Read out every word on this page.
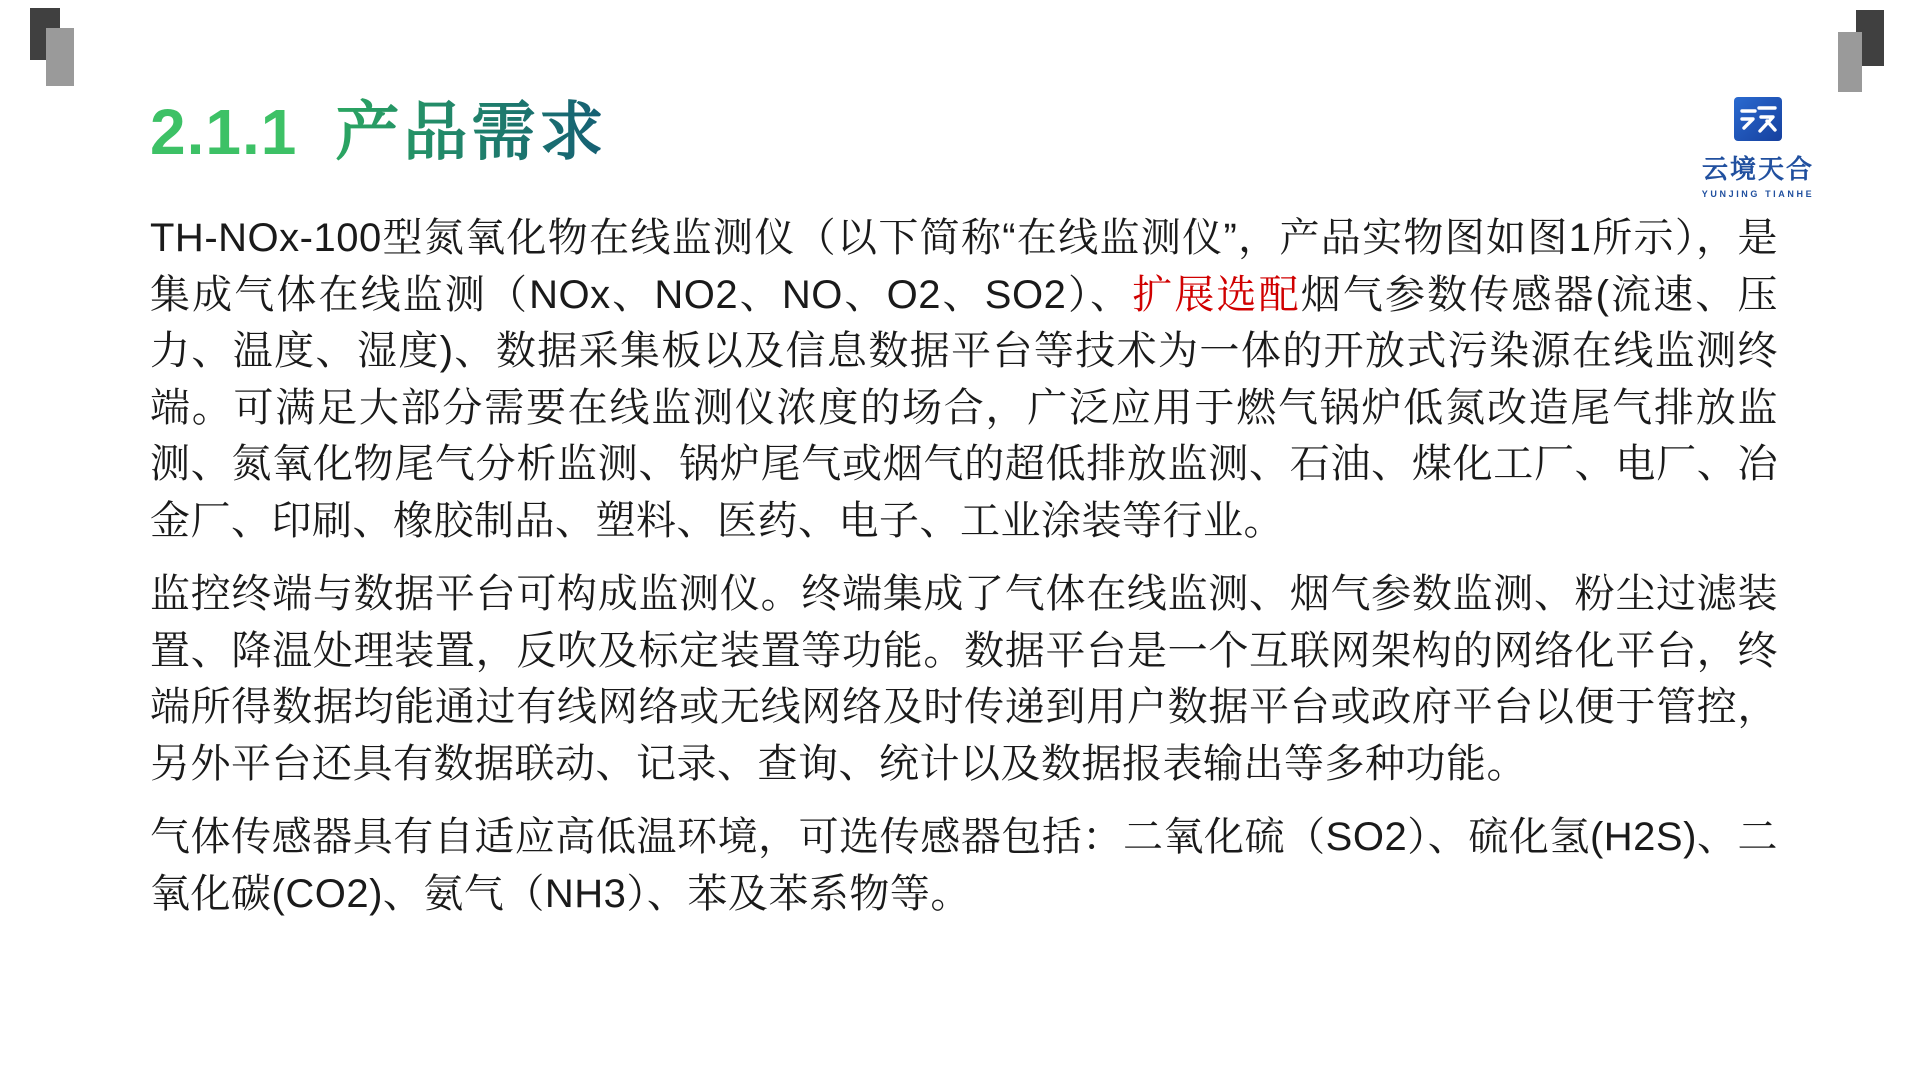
云境天合
YUNJING TIANHE
2.1.1 产品需求

TH-NOx-100型氮氧化物在线监测仪（以下简称“在线监测仪”，产品实物图如图1所示），是集成气体在线监测（NOx、NO2、NO、O2、SO2）、扩展选配烟气参数传感器(流速、压力、温度、湿度)、数据采集板以及信息数据平台等技术为一体的开放式污染源在线监测终端。可满足大部分需要在线监测仪浓度的场合，广泛应用于燃气锅炉低氮改造尾气排放监测、氮氧化物尾气分析监测、锅炉尾气或烟气的超低排放监测、石油、煤化工厂、电厂、冶金厂、印刷、橡胶制品、塑料、医药、电子、工业涂装等行业。

监控终端与数据平台可构成监测仪。终端集成了气体在线监测、烟气参数监测、粉尘过滤装置、降温处理装置，反吹及标定装置等功能。数据平台是一个互联网架构的网络化平台，终端所得数据均能通过有线网络或无线网络及时传递到用户数据平台或政府平台以便于管控，另外平台还具有数据联动、记录、查询、统计以及数据报表输出等多种功能。

气体传感器具有自适应高低温环境，可选传感器包括：二氧化硫（SO2）、硫化氢(H2S)、二氧化碳(CO2)、氨气（NH3）、苯及苯系物等。
